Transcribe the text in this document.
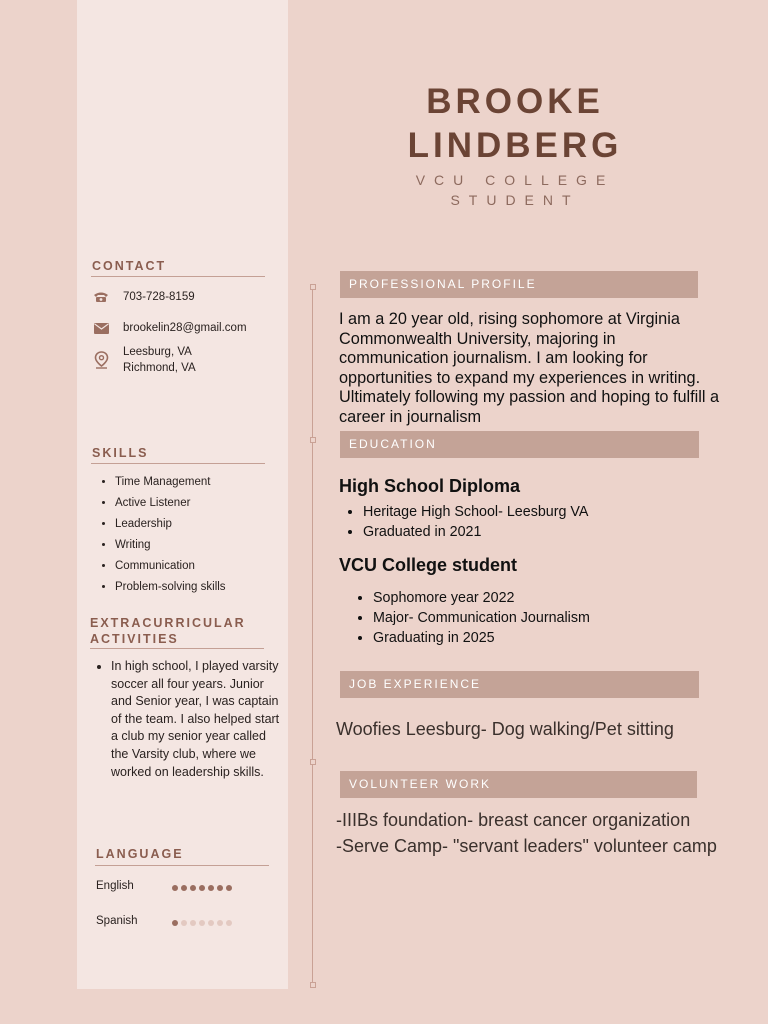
BROOKE
LINDBERG
VCU COLLEGE
STUDENT
CONTACT
703-728-8159
brookelin28@gmail.com
Leesburg, VA
Richmond, VA
SKILLS
• Time Management
• Active Listener
• Leadership
• Writing
• Communication
• Problem-solving skills
EXTRACURRICULAR
ACTIVITIES
• In high school, I played varsity soccer all four years. Junior and Senior year, I was captain of the team. I also helped start a club my senior year called the Varsity club, where we worked on leadership skills.
LANGUAGE
English
Spanish
PROFESSIONAL PROFILE
I am a 20 year old, rising sophomore at Virginia Commonwealth University, majoring in communication journalism. I am looking for opportunities to expand my experiences in writing. Ultimately following my passion and hoping to fulfill a career in journalism
EDUCATION
High School Diploma
• Heritage High School- Leesburg VA
• Graduated in 2021
VCU College student
• Sophomore year 2022
• Major- Communication Journalism
• Graduating in 2025
JOB EXPERIENCE
Woofies Leesburg- Dog walking/Pet sitting
VOLUNTEER WORK
-IIIBs foundation- breast cancer organization
-Serve Camp- "servant leaders" volunteer camp
